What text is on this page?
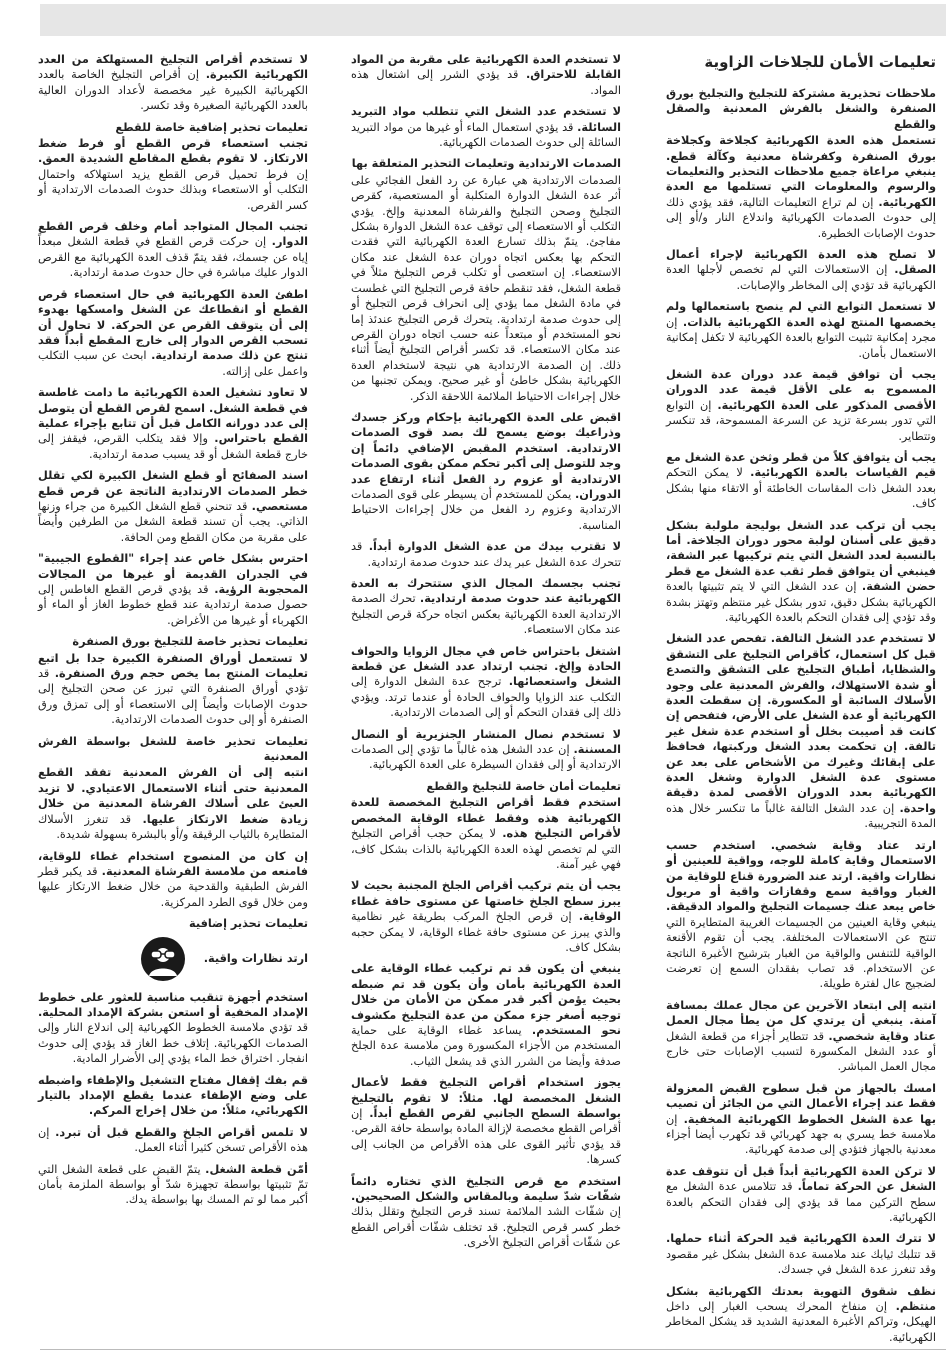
تعليمات الأمان للجلاخات الزاوية
ملاحظات تحذيرية مشتركة للتجليخ والتجليخ بورق الصنفرة والشغل بالفرش المعدنية والصقل والقطع
تستعمل هذه العدة الكهربائية كجلاخة وكجلاخة بورق الصنفرة وكفرشاة معدنية وكآلة قطع. ينبغي مراعاة جميع ملاحظات التحذير والتعليمات والرسوم والمعلومات التي تستلمها مع العدة الكهربائية. إن لم تراع التعليمات التالية، فقد يؤدي ذلك إلى حدوث الصدمات الكهربائية واندلاع النار و/أو إلى حدوث الإصابات الخطيرة.
لا تصلح هذه العدة الكهربائية لإجراء أعمال الصقل. إن الاستعمالات التي لم تخصص لأجلها العدة الكهربائية قد تؤدي إلى المخاطر والإصابات.
لا تستعمل التوابع التي لم ينصح باستعمالها ولم يخصصها المنتج لهذه العدة الكهربائية بالذات. إن مجرد إمكانية تثبيت التوابع بالعدة الكهربائية لا تكفل إمكانية الاستعمال بأمان.
يجب أن توافق قيمة عدد دوران عدة الشغل المسموح به على الأقل قيمة عدد الدوران الأقصى المذكور على العدة الكهربائية. إن التوابع التي تدور بسرعة تزيد عن السرعة المسموحة، قد تنكسر وتتطاير.
يجب أن يتوافق كلاً من قطر وثخن عدة الشغل مع قيم القياسات بالعدة الكهربائية. لا يمكن التحكم بعدد الشغل ذات المقاسات الخاطئة أو الاتقاء منها بشكل كاف.
يجب أن تركب عدد الشغل بوليجة ملولبة بشكل دقيق على أسنان لولبة محور دوران الجلاخة. أما بالنسبة لعدد الشغل التي يتم تركيبها عبر الشفة، فينبغي أن يتوافق قطر ثقب عدة الشغل مع قطر حضن الشفة. إن عدد الشغل التي لا يتم تثبيتها بالعدة الكهربائية بشكل دقيق، تدور بشكل غير منتظم وتهتز بشدة وقد تؤدي إلى فقدان التحكم بالعدة الكهربائية.
لا تستخدم عدد الشغل التالفة. تفحص عدد الشغل قبل كل استعمال، كأقراص التجليخ على التشقق والشظايا، أطباق التجليخ على التشقق والتصدع أو شدة الاستهلاك، والفرش المعدنية على وجود الأسلاك السائبة أو المكسورة. إن سقطت العدة الكهربائية أو عدة الشغل على الأرض، فتفحص إن كانت قد أصيبت بخلل أو استخدم عدة شغل غير تالفة. إن تحكمت بعدد الشغل وركبتها، فحافظ على إبقائك وغيرك من الأشخاص على بعد عن مستوى عدة الشغل الدوارة وشغل العدة الكهربائية بعدد الدوران الأقصى لمدة دقيقة واحدة. إن عدد الشغل التالفة غالباً ما تنكسر خلال هذه المدة التجريبية.
ارتد عتاد وقاية شخصي. استخدم حسب الاستعمال وقاية كاملة للوجه، وواقية للعينين أو نظارات واقية. ارتد عند الضرورة قناع للوقاية من الغبار وواقية سمع وقفازات واقية أو مريول خاص يبعد عنك جسيمات التجليخ والمواد الدقيقة. ينبغي وقاية العينين من الجسيمات الغريبة المتطايرة التي تنتج عن الاستعمالات المختلفة. يجب أن تقوم الأقنعة الواقية للتنفس والواقية من الغبار بترشيح الأغبرة الناتجة عن الاستخدام. قد تصاب بفقدان السمع إن تعرضت لضجيج عال لفترة طويلة.
انتبه إلى ابتعاد الآخرين عن مجال عملك بمسافة آمنة. ينبغي أن يرتدي كل من يطأ مجال العمل عتاد وقاية شخصي. قد تتطاير أجزاء من قطعة الشغل أو عدد الشغل المكسورة لتسبب الإصابات حتى خارج مجال العمل المباشر.
امسك بالجهاز من قبل سطوح القبض المعزولة فقط عند إجراء الأعمال التي من الجائز أن تصيب بها عدة الشغل الخطوط الكهربائية المخفية. إن ملامسة خط يسري به جهد كهربائي قد تكهرب أيضا أجزاء معدنية بالجهاز فتؤدي إلى صدمة كهربائية.
لا تركن العدة الكهربائية أبداً قبل أن تتوقف عدة الشغل عن الحركة تماماً. قد تتلامس عدة الشغل مع سطح التركين مما قد يؤدي إلى فقدان التحكم بالعدة الكهربائية.
لا تترك العدة الكهربائية قيد الحركة أثناء حملها. قد تتلبك ثيابك عند ملامسة عدة الشغل بشكل غير مقصود وقد تنغرز عدة الشغل في جسدك.
نظف شقوق التهوية بعدتك الكهربائية بشكل منتظم. إن منفاخ المحرك يسحب الغبار إلى داخل الهيكل، وتراكم الأغبرة المعدنية الشديد قد يشكل المخاطر الكهربائية.
لا تستخدم العدة الكهربائية على مقربة من المواد القابلة للاحتراق. قد يؤدي الشرر إلى اشتعال هذه المواد.
لا تستخدم عدد الشغل التي تتطلب مواد التبريد السائلة. قد يؤدي استعمال الماء أو غيرها من مواد التبريد السائلة إلى حدوث الصدمات الكهربائية.
الصدمات الارتدادية وتعليمات التحذير المتعلقة بها
الصدمات الارتدادية هي عبارة عن رد الفعل الفجائي على أثر عدة الشغل الدوارة المتكلبة أو المستعصية، كقرص التجليخ وصحن التجليخ والفرشاة المعدنية وإلخ. يؤدي التكلب أو الاستعصاء إلى توقف عدة الشغل الدوارة بشكل مفاجئ. يتمّ بذلك تسارع العدة الكهربائية التي فقدت التحكم بها بعكس اتجاه دوران عدة الشغل عند مكان الاستعصاء. إن استعصى أو تكلب قرص التجليخ مثلاً في قطعة الشغل، فقد تنقطم حافة قرص التجليخ التي غطست في مادة الشغل مما يؤدي إلى انحراف قرص التجليخ أو إلى حدوث صدمة ارتدادية. يتحرك قرص التجليخ عندئذ إما نحو المستخدم أو مبتعداً عنه حسب اتجاه دوران القرص عند مكان الاستعصاء. قد تكسر أقراص التجليخ أيضاً أثناء ذلك. إن الصدمة الارتدادية هي نتيجة لاستخدام العدة الكهربائية بشكل خاطئ أو غير صحيح. ويمكن تجنبها من خلال إجراءات الاحتياط الملائمة اللاحقة الذكر.
اقبض على العدة الكهربائية بإحكام وركز جسدك وذراعيك بوضع يسمح لك بصد قوى الصدمات الارتدادية. استخدم المقبض الإضافي دائماً إن وجد للتوصل إلى أكبر تحكم ممكن بقوى الصدمات الارتدادية أو عزوم رد الفعل أثناء ارتفاع عدد الدوران. يمكن للمستخدم أن يسيطر على قوى الصدمات الارتدادية وعزوم رد الفعل من خلال إجراءات الاحتياط المناسبة.
لا تقترب بيدك من عدة الشغل الدوارة أبداً. قد تتحرك عدة الشغل عبر يدك عند حدوث صدمة ارتدادية.
تجنب بجسمك المجال الذي ستتحرك به العدة الكهربائية عند حدوث صدمة ارتدادية. تحرك الصدمة الارتدادية العدة الكهربائية بعكس اتجاه حركة قرص التجليخ عند مكان الاستعصاء.
اشتغل باحتراس خاص في مجال الزوايا والحواف الحادة وإلخ. تجنب ارتداد عدد الشغل عن قطعة الشغل واستعصائها. ترجح عدة الشغل الدوارة إلى التكلب عند الزوايا والحواف الحادة أو عندما ترتد. ويؤدي ذلك إلى فقدان التحكم أو إلى الصدمات الارتدادية.
لا تستخدم نصال المنشار الجنزيرية أو النصال المسننة. إن عدد الشغل هذه غالباً ما تؤدي إلى الصدمات الارتدادية أو إلى فقدان السيطرة على العدة الكهربائية.
تعليمات أمان خاصة للتجليخ والقطع
استخدم فقط أقراص التجليخ المخصصة للعدة الكهربائية هذه وفقط غطاء الوقاية المخصص لأقراص التجليخ هذه. لا يمكن حجب أقراص التجليخ التي لم تخصص لهذه العدة الكهربائية بالذات بشكل كاف، فهي غير آمنة.
يجب أن يتم تركيب أقراص الجلخ المجنبة بحيث لا يبرز سطح الجلخ خاصتها عن مستوى حافة غطاء الوقاية. إن قرص الجلخ المركب بطريقة غير نظامية والذي يبرز عن مستوى حافة غطاء الوقاية، لا يمكن حجبه بشكل كاف.
ينبغي أن يكون قد تم تركيب غطاء الوقاية على العدة الكهربائية بأمان وأن يكون قد تم ضبطه بحيث يؤمن أكبر قدر ممكن من الأمان من خلال توجيه أصغر جزء ممكن من عدة التجليخ مكشوف نحو المستخدم. يساعد غطاء الوقاية على حماية المستخدم من الأجزاء المكسورة ومن ملامسة عدة الجلخ صدفة وأيضا من الشرر الذي قد يشعل الثياب.
يجوز استخدام أقراص التجليخ فقط لأعمال الشغل المخصصة لها. مثلاً: لا تقوم بالتجليخ بواسطة السطح الجانبي لقرص القطع أبداً. إن أقراص القطع مخصصة لإزالة المادة بواسطة حافة القرص. قد يؤدي تأثير القوى على هذه الأقراص من الجانب إلى كسرها.
استخدم مع قرص التجليخ الذي تختاره دائماً شفّات شدّ سليمة وبالمقاس والشكل الصحيحين. إن شفّات الشد الملائمة تسند قرص التجليخ وتقلل بذلك خطر كسر قرص التجليخ. قد تختلف شفّات أقراص القطع عن شفّات أقراص التجليخ الأخرى.
لا تستخدم أقراص التجليخ المستهلكة من العدد الكهربائية الكبيرة. إن أقراص التجليخ الخاصة بالعدد الكهربائية الكبيرة غير مخصصة لأعداد الدوران العالية بالعدد الكهربائية الصغيرة وقد تكسر.
تعليمات تحذير إضافية خاصة للقطع
تجنب استعصاء قرص القطع أو فرط ضغط الارتكاز. لا تقوم بقطع المقاطع الشديدة العمق. إن فرط تحميل قرص القطع يزيد استهلاكه واحتمال التكلب أو الاستعصاء وبذلك حدوث الصدمات الارتدادية أو كسر القرص.
تجنب المجال المتواجد أمام وخلف قرص القطع الدوار. إن حركت قرص القطع في قطعة الشغل مبعداً إياه عن جسمك، فقد يتمّ قذف العدة الكهربائية مع القرص الدوار عليك مباشرة في حال حدوث صدمة ارتدادية.
اطفئ العدة الكهربائية في حال استعصاء قرص القطع أو انقطاعك عن الشغل وامسكها بهدوء إلى أن يتوقف القرص عن الحركة. لا تحاول أن تسحب القرص الدوار إلى خارج المقطع أبداً فقد تنتج عن ذلك صدمة ارتدادية. ابحث عن سبب التكلب واعمل على إزالته.
لا تعاود تشغيل العدة الكهربائية ما دامت غاطسة في قطعة الشغل. اسمح لقرص القطع أن يتوصل إلى عدد دورانه الكامل قبل أن تتابع بإجراء عملية القطع باحتراس. وإلا فقد يتكلب القرص، فيقفز إلى خارج قطعة الشغل أو قد يسبب صدمة ارتدادية.
اسند الصفائح أو قطع الشغل الكبيرة لكي تقلل خطر الصدمات الارتدادية الناتجة عن قرص قطع مستعصي. قد تنحني قطع الشغل الكبيرة من جراء وزنها الذاتي. يجب أن تسند قطعة الشغل من الطرفين وأيضاً على مقربة من مكان القطع ومن الحافة.
احترس بشكل خاص عند إجراء "القطوع الجيبية" في الجدران القديمة أو غيرها من المجالات المحجوبة الرؤية. قد يؤدي قرص القطع الغاطس إلى حصول صدمة ارتدادية عند قطع خطوط الغاز أو الماء أو الكهرباء أو غيرها من الأغراض.
تعليمات تحذير خاصة للتجليخ بورق الصنفرة
لا تستعمل أوراق الصنفرة الكبيرة جدا بل اتبع تعليمات المنتج بما يخص حجم ورق الصنفرة. قد تؤدي أوراق الصنفرة التي تبرز عن صحن التجليخ إلى حدوث الإصابات وأيضاً إلى الاستعصاء أو إلى تمزق ورق الصنفرة أو إلى حدوث الصدمات الارتدادية.
تعليمات تحذير خاصة للشغل بواسطة الفرش المعدنية
انتبه إلى أن الفرش المعدنية تفقد القطع المعدنية حتى أثناء الاستعمال الاعتيادي. لا تزيد العبئ على أسلاك الفرشاة المعدنية من خلال زيادة ضغط الارتكاز عليها. قد تنغرز الأسلاك المتطايرة بالثياب الرقيقة و/أو بالبشرة بسهولة شديدة.
إن كان من المنصوح استخدام غطاء للوقاية، فامنعه من ملامسة الفرشاة المعدنية. قد يكبر قطر الفرش الطبقية والقدحية من خلال ضغط الارتكاز عليها ومن خلال قوى الطرد المركزية.
تعليمات تحذير إضافية
ارتد نظارات واقية.
استخدم أجهزة تنقيب مناسبة للعثور على خطوط الإمداد المخفية أو استعن بشركة الإمداد المحلية. قد تؤدي ملامسة الخطوط الكهربائية إلى اندلاع النار وإلى الصدمات الكهربائية. إتلاف خط الغاز قد يؤدي إلى حدوث انفجار. اختراق خط الماء يؤدي إلى الأضرار المادية.
قم بفك إقفال مفتاح التشغيل والإطفاء واضبطه على وضع الإطفاء عندما يقطع الإمداد بالتيار الكهربائي، مثلاً: من خلال إخراج المركم.
لا تلمس أقراص الجلخ والقطع قبل أن تبرد. إن هذه الأقراص تسخن كثيرا أثناء العمل.
أمّن قطعة الشغل. يتمّ القبض على قطعة الشغل التي تمّ تثبيتها بواسطة تجهيزة شدّ أو بواسطة الملزمة بأمان أكبر مما لو تم المسك بها بواسطة يدك.
